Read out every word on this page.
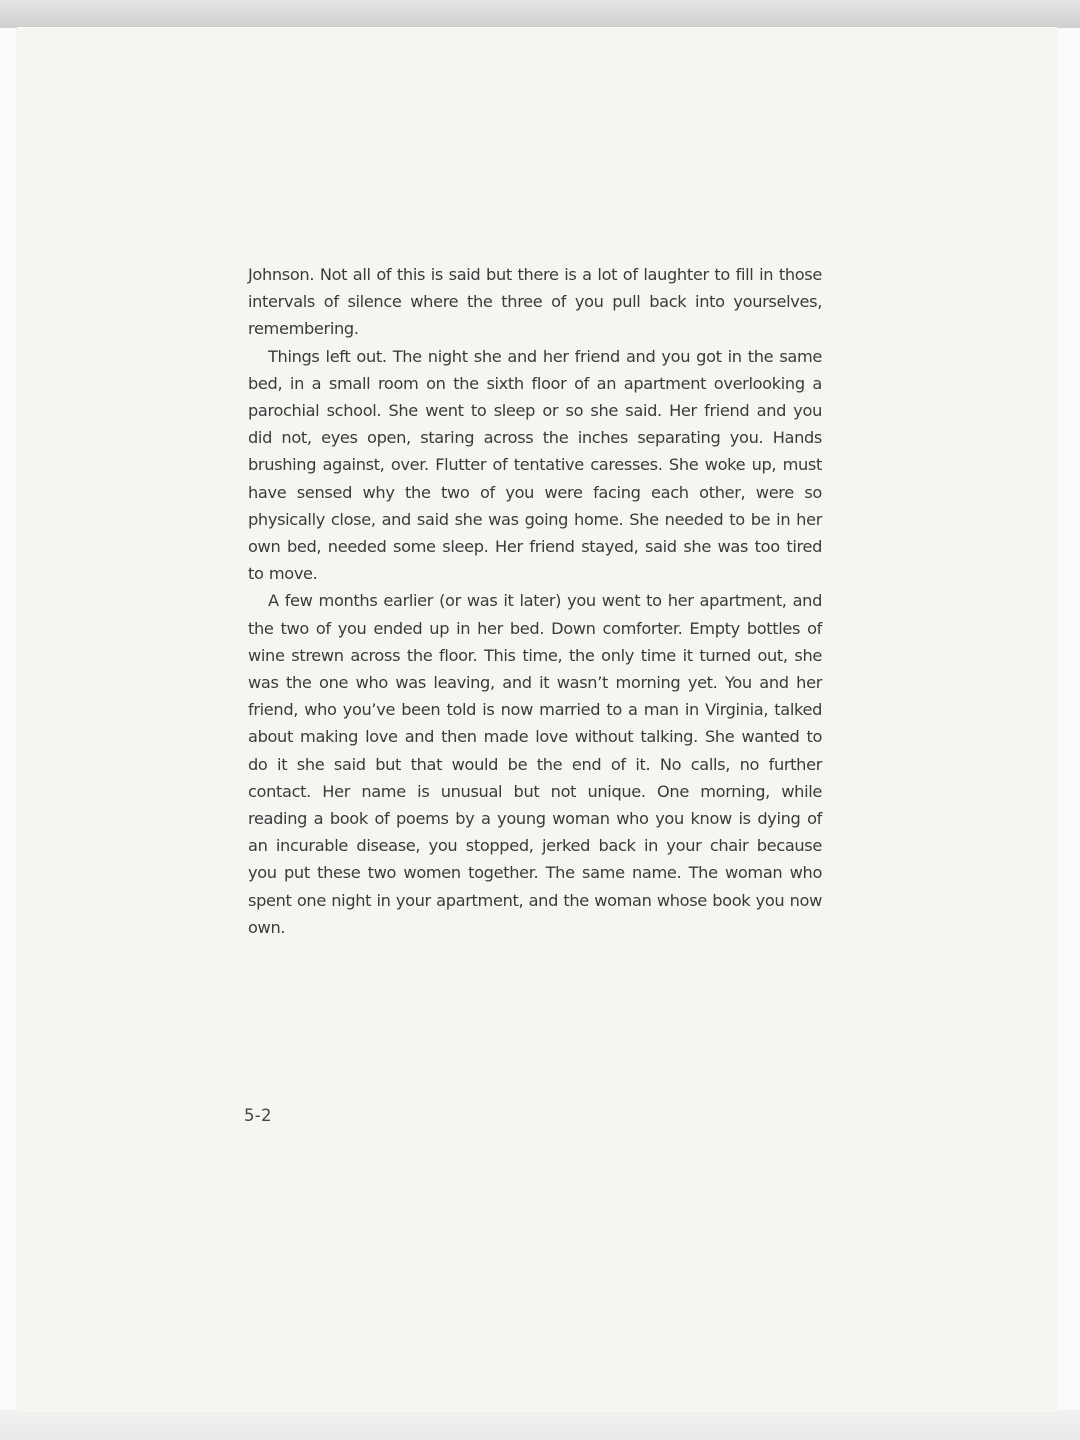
Johnson. Not all of this is said but there is a lot of laughter to fill in those intervals of silence where the three of you pull back into yourselves, remembering.

Things left out. The night she and her friend and you got in the same bed, in a small room on the sixth floor of an apartment overlooking a parochial school. She went to sleep or so she said. Her friend and you did not, eyes open, staring across the inches separating you. Hands brushing against, over. Flutter of tentative caresses. She woke up, must have sensed why the two of you were facing each other, were so physically close, and said she was going home. She needed to be in her own bed, needed some sleep. Her friend stayed, said she was too tired to move.

A few months earlier (or was it later) you went to her apartment, and the two of you ended up in her bed. Down comforter. Empty bottles of wine strewn across the floor. This time, the only time it turned out, she was the one who was leaving, and it wasn’t morning yet. You and her friend, who you’ve been told is now married to a man in Virginia, talked about making love and then made love without talking. She wanted to do it she said but that would be the end of it. No calls, no further contact. Her name is unusual but not unique. One morning, while reading a book of poems by a young woman who you know is dying of an incurable disease, you stopped, jerked back in your chair because you put these two women together. The same name. The woman who spent one night in your apartment, and the woman whose book you now own.

5-2
